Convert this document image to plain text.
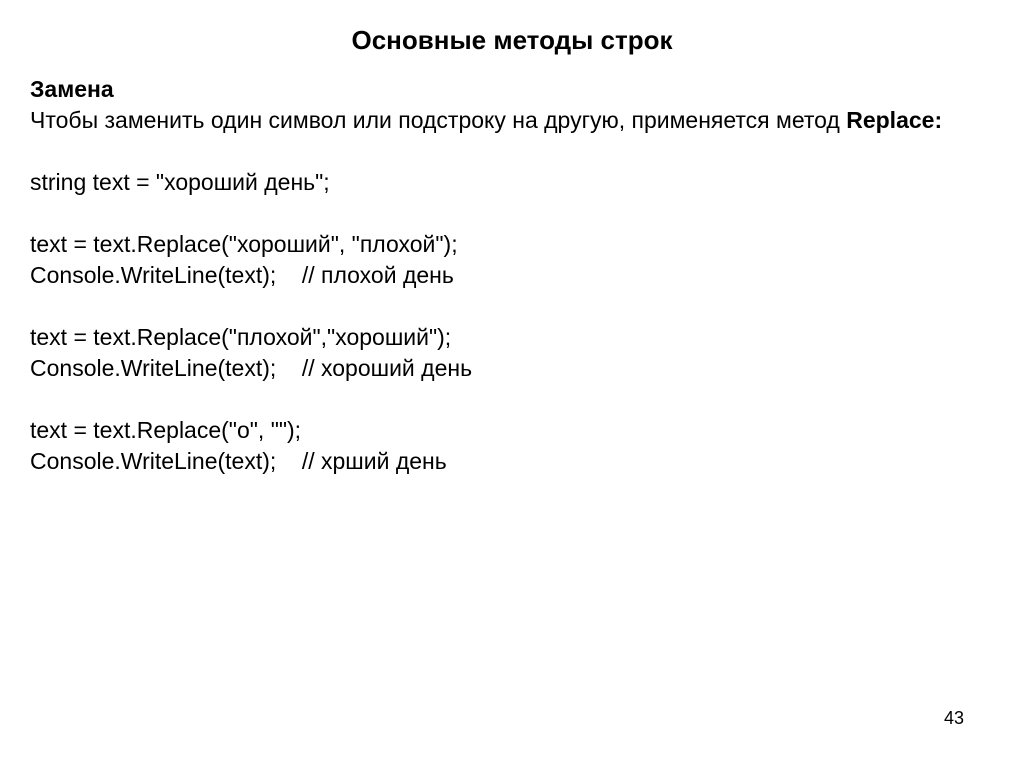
Основные методы строк

Замена

Чтобы заменить один символ или подстроку на другую, применяется метод Replace:

string text = "хороший день";
text = text.Replace("хороший", "плохой");
Console.WriteLine(text);    // плохой день
text = text.Replace("плохой","хороший");
Console.WriteLine(text);    // хороший день
text = text.Replace("о", "");
Console.WriteLine(text);    // хрший день
43
